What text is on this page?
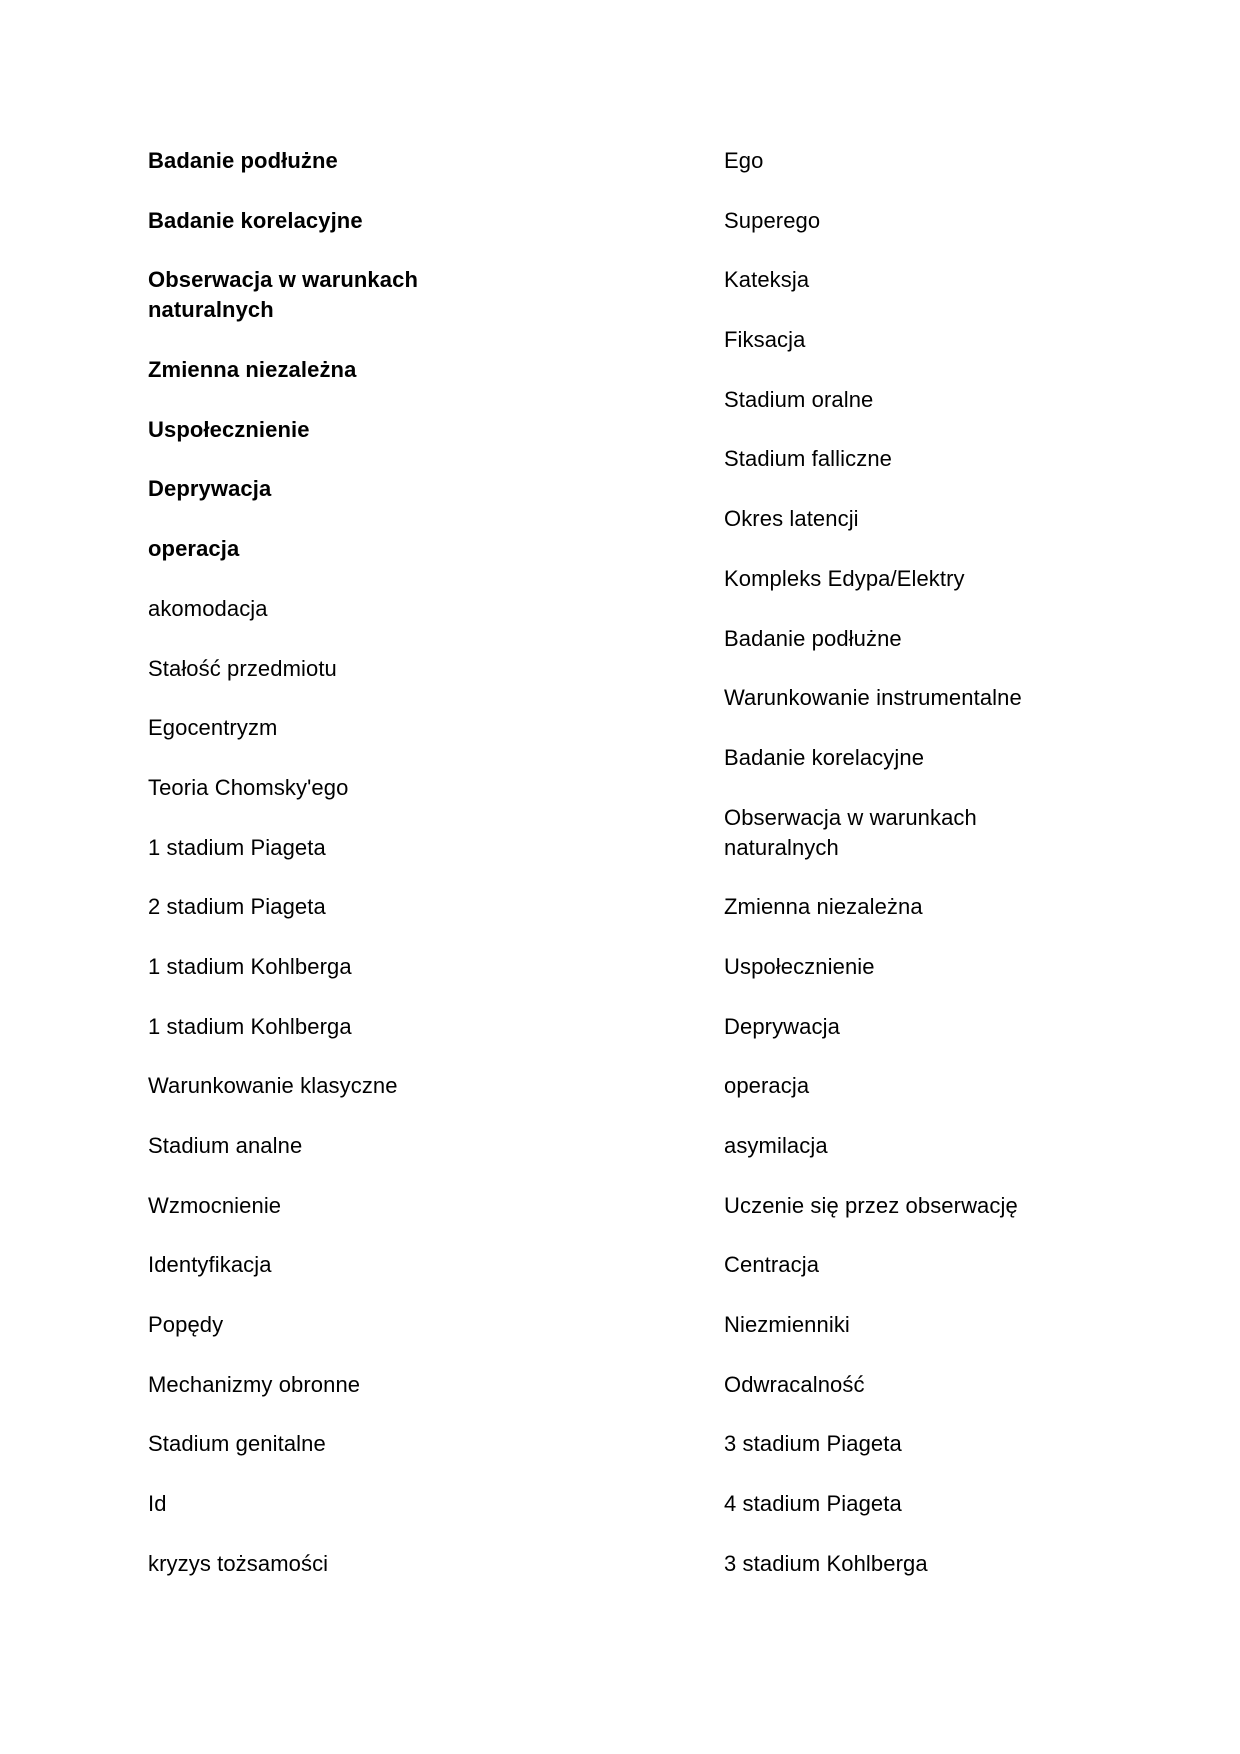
Badanie podłużne
Badanie korelacyjne
Obserwacja w warunkach naturalnych
Zmienna niezależna
Uspołecznienie
Deprywacja
operacja
akomodacja
Stałość przedmiotu
Egocentryzm
Teoria Chomsky'ego
1 stadium Piageta
2 stadium Piageta
1 stadium Kohlberga
1 stadium Kohlberga
Warunkowanie klasyczne
Stadium analne
Wzmocnienie
Identyfikacja
Popędy
Mechanizmy obronne
Stadium genitalne
Id
kryzys tożsamości
Ego
Superego
Kateksja
Fiksacja
Stadium oralne
Stadium falliczne
Okres latencji
Kompleks Edypa/Elektry
Badanie podłużne
Warunkowanie instrumentalne
Badanie korelacyjne
Obserwacja w warunkach naturalnych
Zmienna niezależna
Uspołecznienie
Deprywacja
operacja
asymilacja
Uczenie się przez obserwację
Centracja
Niezmienniki
Odwracalność
3 stadium Piageta
4 stadium Piageta
3 stadium Kohlberga
